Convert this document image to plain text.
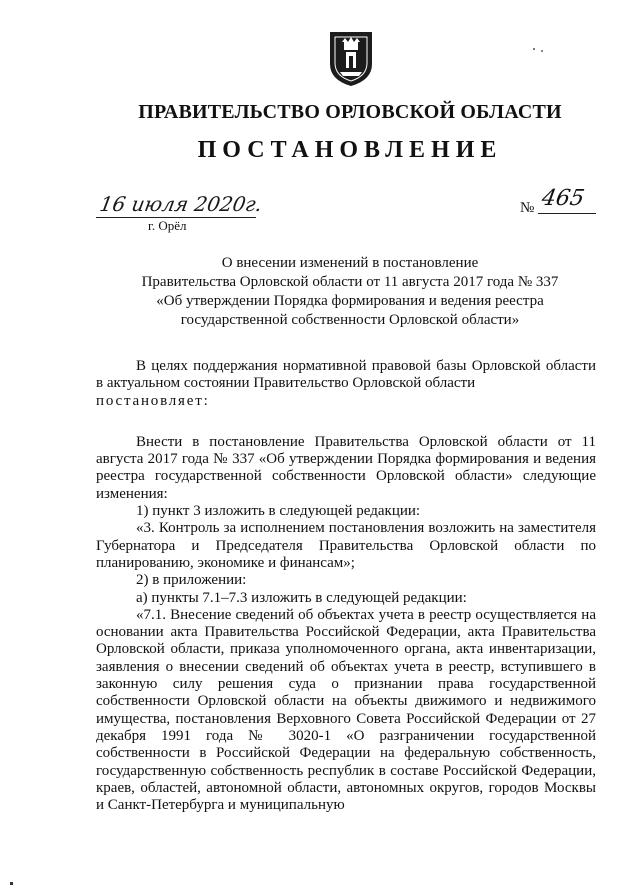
ПРАВИТЕЛЬСТВО ОРЛОВСКОЙ ОБЛАСТИ
ПОСТАНОВЛЕНИЕ
16 июля 2020г.
г. Орёл
№ 465
О внесении изменений в постановление
Правительства Орловской области от 11 августа 2017 года № 337
«Об утверждении Порядка формирования и ведения реестра
государственной собственности Орловской области»

В целях поддержания нормативной правовой базы Орловской области в актуальном состоянии Правительство Орловской области

постановляет:

Внести в постановление Правительства Орловской области от 11 августа 2017 года № 337 «Об утверждении Порядка формирования и ведения реестра государственной собственности Орловской области» следующие изменения:

1) пункт 3 изложить в следующей редакции:

«3. Контроль за исполнением постановления возложить на заместителя Губернатора и Председателя Правительства Орловской области по планированию, экономике и финансам»;

2) в приложении:

а) пункты 7.1–7.3 изложить в следующей редакции:

«7.1. Внесение сведений об объектах учета в реестр осуществляется на основании акта Правительства Российской Федерации, акта Правительства Орловской области, приказа уполномоченного органа, акта инвентаризации, заявления о внесении сведений об объектах учета в реестр, вступившего в законную силу решения суда о признании права государственной собственности Орловской области на объекты движимого и недвижимого имущества, постановления Верховного Совета Российской Федерации от 27 декабря 1991 года № 3020-1 «О разграничении государственной собственности в Российской Федерации на федеральную собственность, государственную собственность республик в составе Российской Федерации, краев, областей, автономной области, автономных округов, городов Москвы и Санкт-Петербурга и муниципальную
